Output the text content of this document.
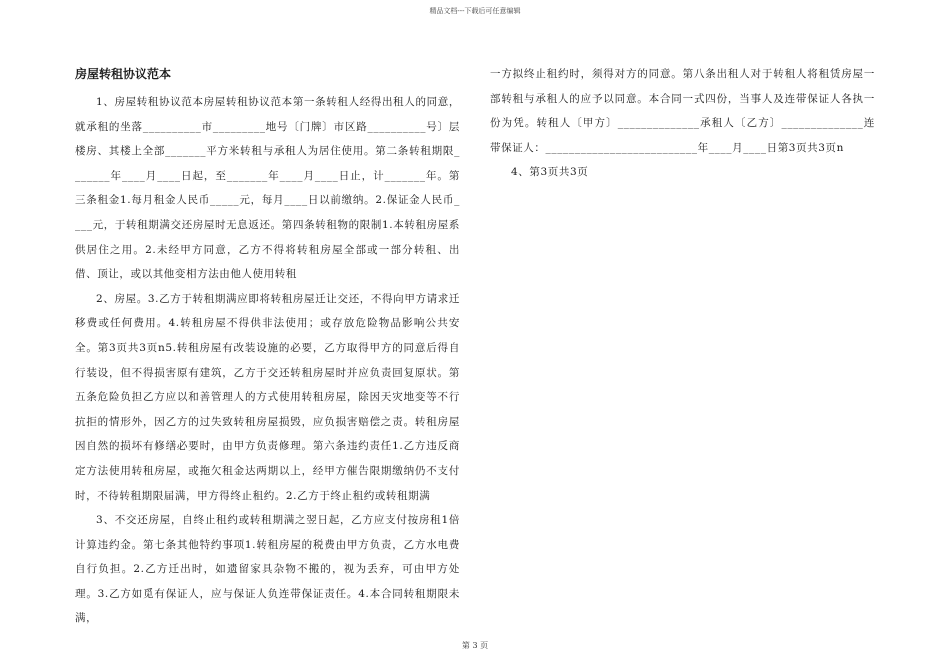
精品文档---下载后可任意编辑
房屋转租协议范本

1、房屋转租协议范本房屋转租协议范本第一条转租人经得出租人的同意，就承租的坐落__________市_________地号〔门牌〕市区路__________号〕层楼房、其楼上全部_______平方米转租与承租人为居住使用。第二条转租期限_______年____月____日起，至_______年____月____日止，计_______年。第三条租金1.每月租金人民币_____元，每月____日以前缴纳。2.保证金人民币____元，于转租期满交还房屋时无息返还。第四条转租物的限制1.本转租房屋系供居住之用。2.未经甲方同意，乙方不得将转租房屋全部或一部分转租、出借、顶让，或以其他变相方法由他人使用转租

2、房屋。3.乙方于转租期满应即将转租房屋迁让交还，不得向甲方请求迁移费或任何费用。4.转租房屋不得供非法使用；或存放危险物品影响公共安全。第3页共3页n5.转租房屋有改装设施的必要，乙方取得甲方的同意后得自行装设，但不得损害原有建筑，乙方于交还转租房屋时并应负责回复原状。第五条危险负担乙方应以和善管理人的方式使用转租房屋，除因天灾地变等不行抗拒的情形外，因乙方的过失致转租房屋损毁，应负损害赔偿之责。转租房屋因自然的损坏有修缮必要时，由甲方负责修理。第六条违约责任1.乙方违反商定方法使用转租房屋，或拖欠租金达两期以上，经甲方催告限期缴纳仍不支付时，不待转租期限届满，甲方得终止租约。2.乙方于终止租约或转租期满

3、不交还房屋，自终止租约或转租期满之翌日起，乙方应支付按房租1倍计算违约金。第七条其他特约事项1.转租房屋的税费由甲方负责，乙方水电费自行负担。2.乙方迁出时，如遗留家具杂物不搬的，视为丢弃，可由甲方处理。3.乙方如觅有保证人，应与保证人负连带保证责任。4.本合同转租期限未满，

一方拟终止租约时，须得对方的同意。第八条出租人对于转租人将租赁房屋一部转租与承租人的应予以同意。本合同一式四份，当事人及连带保证人各执一份为凭。转租人〔甲方〕______________承租人〔乙方〕______________连带保证人：__________________________年____月____日第3页共3页n

4、第3页共3页

第 3 页
